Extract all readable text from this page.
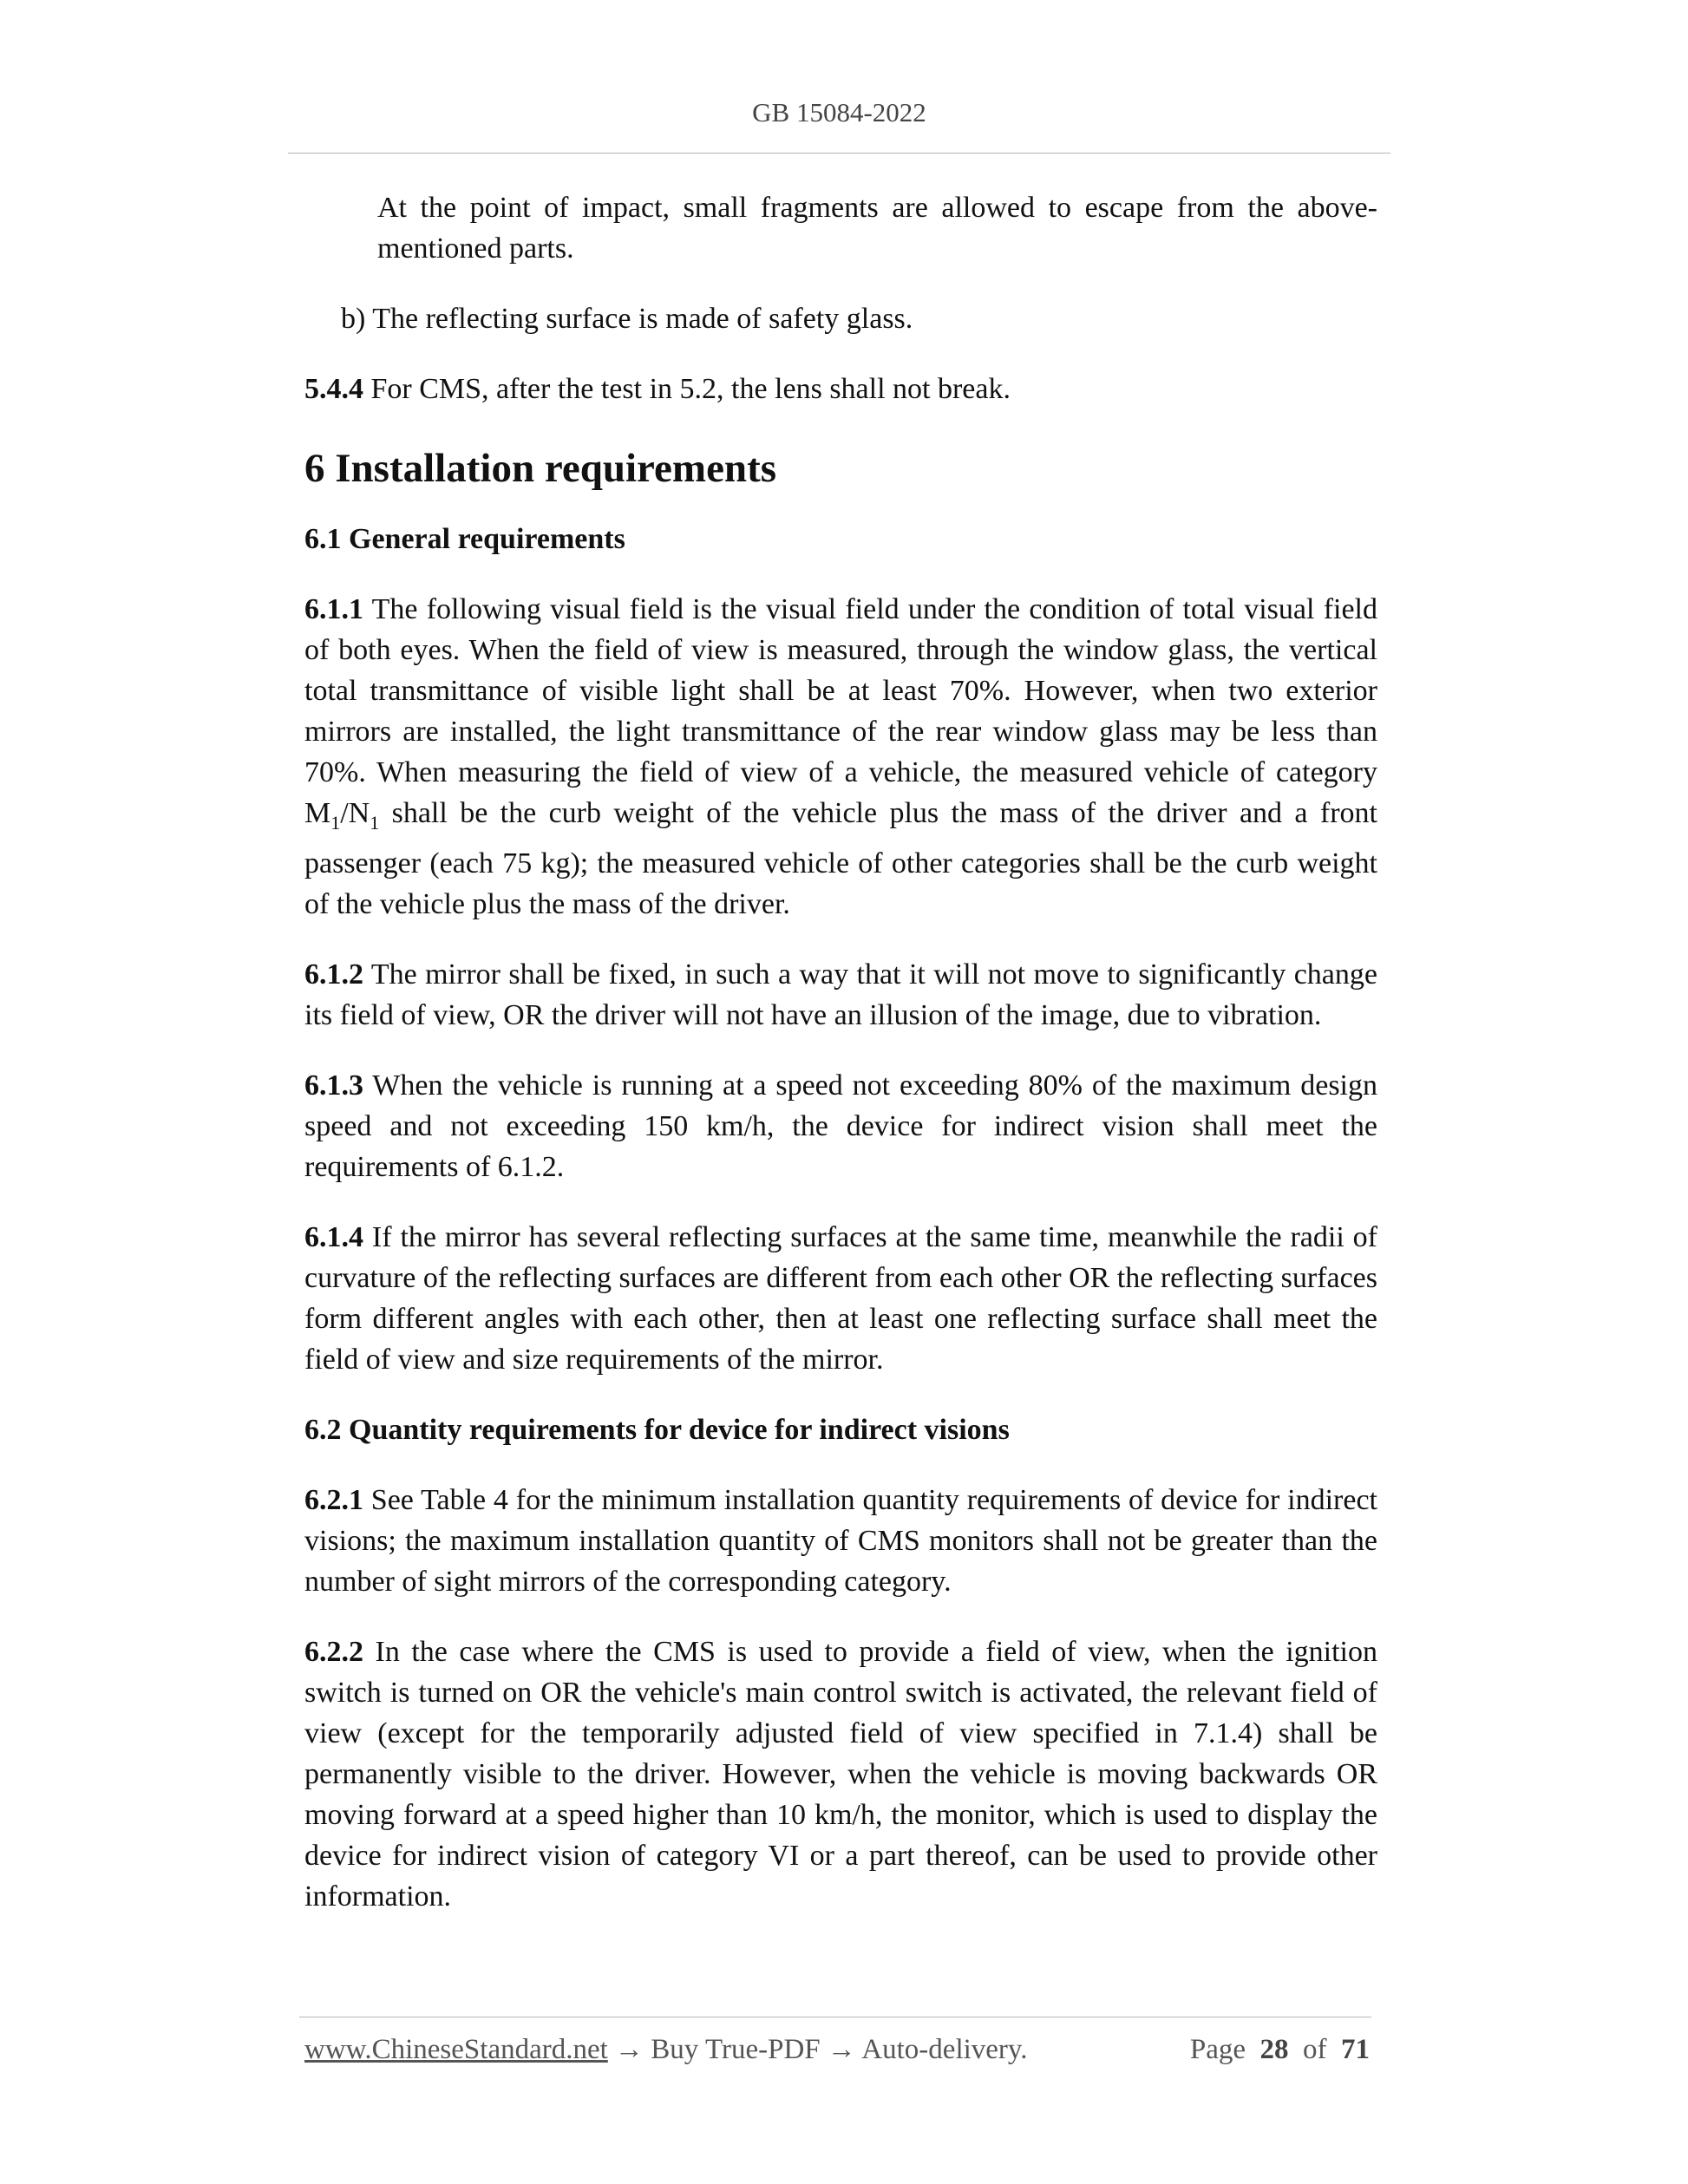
GB 15084-2022

At the point of impact, small fragments are allowed to escape from the above-mentioned parts.

b) The reflecting surface is made of safety glass.

5.4.4 For CMS, after the test in 5.2, the lens shall not break.

6 Installation requirements
6.1 General requirements

6.1.1 The following visual field is the visual field under the condition of total visual field of both eyes. When the field of view is measured, through the window glass, the vertical total transmittance of visible light shall be at least 70%. However, when two exterior mirrors are installed, the light transmittance of the rear window glass may be less than 70%. When measuring the field of view of a vehicle, the measured vehicle of category $M_1/N_1$ shall be the curb weight of the vehicle plus the mass of the driver and a front passenger (each 75 kg); the measured vehicle of other categories shall be the curb weight of the vehicle plus the mass of the driver.

6.1.2 The mirror shall be fixed, in such a way that it will not move to significantly change its field of view, OR the driver will not have an illusion of the image, due to vibration.

6.1.3 When the vehicle is running at a speed not exceeding 80% of the maximum design speed and not exceeding 150 km/h, the device for indirect vision shall meet the requirements of 6.1.2.

6.1.4 If the mirror has several reflecting surfaces at the same time, meanwhile the radii of curvature of the reflecting surfaces are different from each other OR the reflecting surfaces form different angles with each other, then at least one reflecting surface shall meet the field of view and size requirements of the mirror.

6.2 Quantity requirements for device for indirect visions

6.2.1 See Table 4 for the minimum installation quantity requirements of device for indirect visions; the maximum installation quantity of CMS monitors shall not be greater than the number of sight mirrors of the corresponding category.

6.2.2 In the case where the CMS is used to provide a field of view, when the ignition switch is turned on OR the vehicle's main control switch is activated, the relevant field of view (except for the temporarily adjusted field of view specified in 7.1.4) shall be permanently visible to the driver. However, when the vehicle is moving backwards OR moving forward at a speed higher than 10 km/h, the monitor, which is used to display the device for indirect vision of category VI or a part thereof, can be used to provide other information.

www.ChineseStandard.net → Buy True-PDF → Auto-delivery.	Page 28 of 71
